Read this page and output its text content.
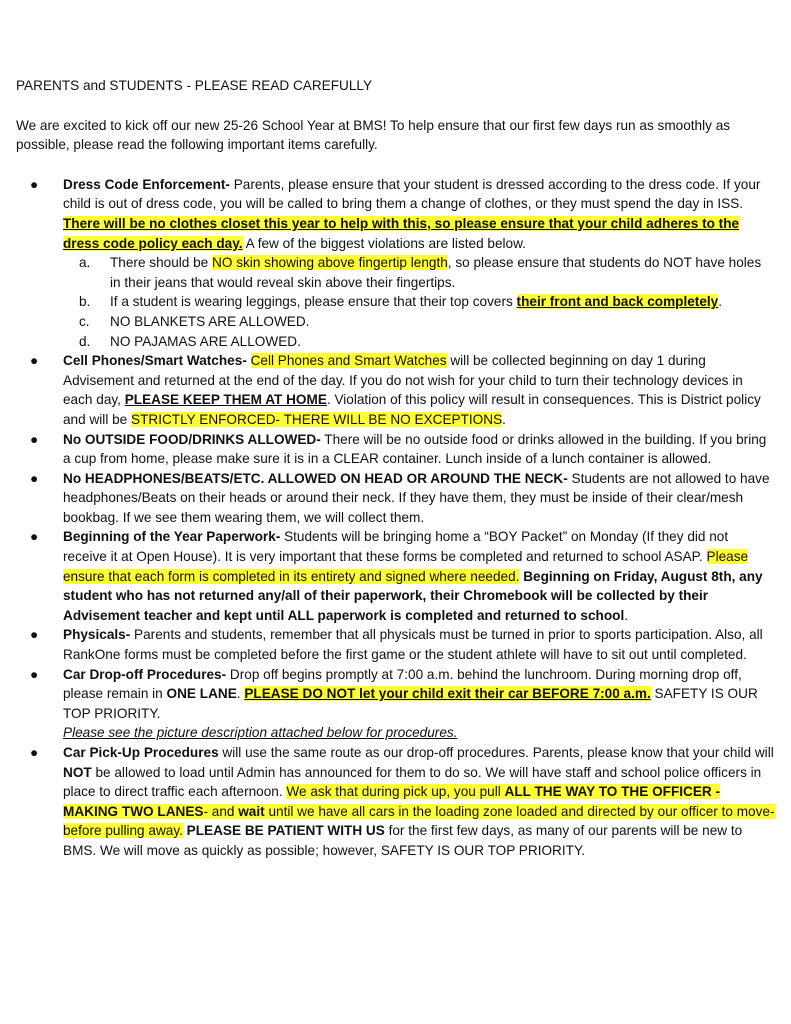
PARENTS and STUDENTS - PLEASE READ CAREFULLY

We are excited to kick off our new 25-26 School Year at BMS! To help ensure that our first few days run as smoothly as possible, please read the following important items carefully.

● Dress Code Enforcement- Parents, please ensure that your student is dressed according to the dress code. If your child is out of dress code, you will be called to bring them a change of clothes, or they must spend the day in ISS. There will be no clothes closet this year to help with this, so please ensure that your child adheres to the dress code policy each day. A few of the biggest violations are listed below.

a. There should be NO skin showing above fingertip length, so please ensure that students do NOT have holes in their jeans that would reveal skin above their fingertips.
b. If a student is wearing leggings, please ensure that their top covers their front and back completely.
c. NO BLANKETS ARE ALLOWED.
d. NO PAJAMAS ARE ALLOWED.
● Cell Phones/Smart Watches- Cell Phones and Smart Watches will be collected beginning on day 1 during Advisement and returned at the end of the day. If you do not wish for your child to turn their technology devices in each day, PLEASE KEEP THEM AT HOME. Violation of this policy will result in consequences. This is District policy and will be STRICTLY ENFORCED- THERE WILL BE NO EXCEPTIONS.

● No OUTSIDE FOOD/DRINKS ALLOWED- There will be no outside food or drinks allowed in the building. If you bring a cup from home, please make sure it is in a CLEAR container. Lunch inside of a lunch container is allowed.

● No HEADPHONES/BEATS/ETC. ALLOWED ON HEAD OR AROUND THE NECK- Students are not allowed to have headphones/Beats on their heads or around their neck. If they have them, they must be inside of their clear/mesh bookbag. If we see them wearing them, we will collect them.

● Beginning of the Year Paperwork- Students will be bringing home a “BOY Packet” on Monday (If they did not receive it at Open House). It is very important that these forms be completed and returned to school ASAP. Please ensure that each form is completed in its entirety and signed where needed. Beginning on Friday, August 8th, any student who has not returned any/all of their paperwork, their Chromebook will be collected by their Advisement teacher and kept until ALL paperwork is completed and returned to school.

● Physicals- Parents and students, remember that all physicals must be turned in prior to sports participation. Also, all RankOne forms must be completed before the first game or the student athlete will have to sit out until completed.

● Car Drop-off Procedures- Drop off begins promptly at 7:00 a.m. behind the lunchroom. During morning drop off, please remain in ONE LANE. PLEASE DO NOT let your child exit their car BEFORE 7:00 a.m. SAFETY IS OUR TOP PRIORITY.

Please see the picture description attached below for procedures.

● Car Pick-Up Procedures will use the same route as our drop-off procedures. Parents, please know that your child will NOT be allowed to load until Admin has announced for them to do so. We will have staff and school police officers in place to direct traffic each afternoon. We ask that during pick up, you pull ALL THE WAY TO THE OFFICER -MAKING TWO LANES- and wait until we have all cars in the loading zone loaded and directed by our officer to move- before pulling away. PLEASE BE PATIENT WITH US for the first few days, as many of our parents will be new to BMS. We will move as quickly as possible; however, SAFETY IS OUR TOP PRIORITY.
